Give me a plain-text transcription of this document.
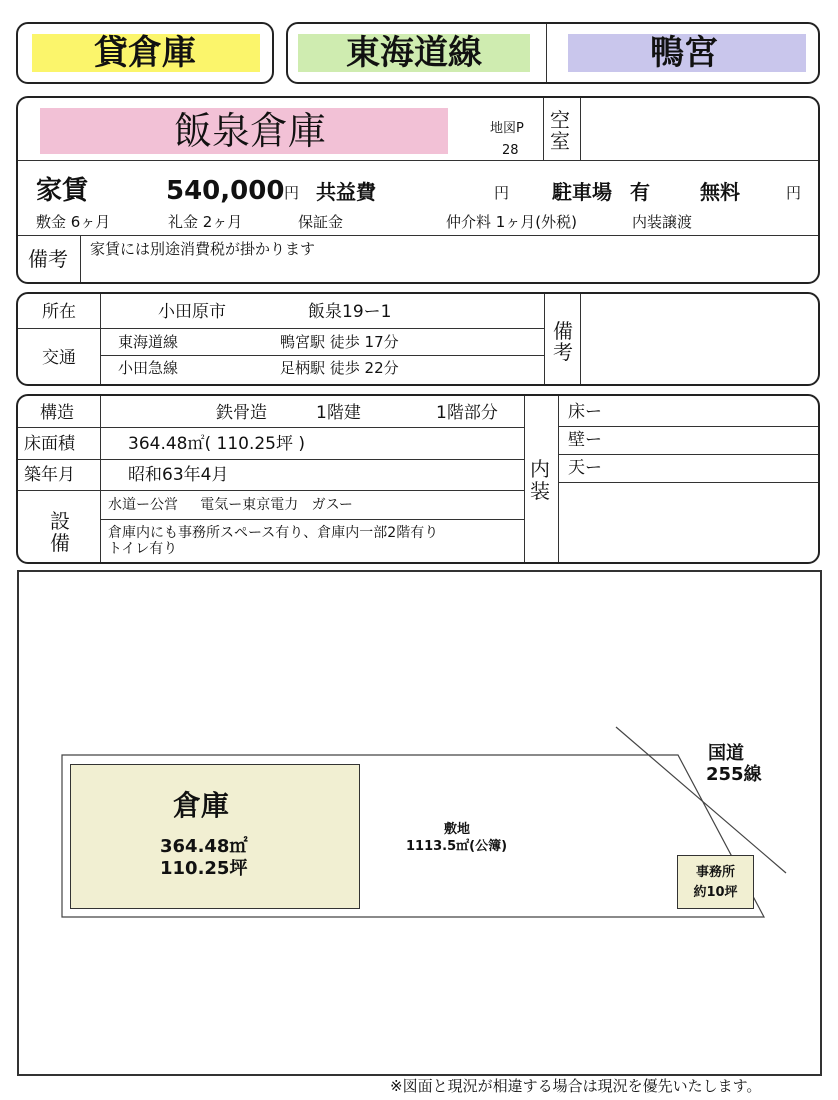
貸倉庫	東海道線	鴨宮
飯泉倉庫	地図P
28
空室
家賃	540,000 円 共益費	円 駐車場 有	無料	円
敷金 6ヶ月	礼金 2ヶ月	保証金	仲介料 1ヶ月(外税)	内装譲渡
備考 家賃には別途消費税が掛かります
所在	小田原市	飯泉19ー1
交通
東海道線	鴨宮駅 徒歩 17分
小田急線	足柄駅 徒歩 22分
備考
構造	鉄骨造	1階建	1階部分
床面積	364.48㎡( 110.25坪 )
築年月	昭和63年4月
設備
水道ー公営     電気ー東京電力   ガスー
倉庫内にも事務所スペース有り、倉庫内一部2階有り
トイレ有り
内装
床ー
壁ー
天ー
倉庫
364.48㎡
110.25坪
敷地
1113.5㎡(公簿)
国道
255線
事務所
約10坪
※図面と現況が相違する場合は現況を優先いたします。
